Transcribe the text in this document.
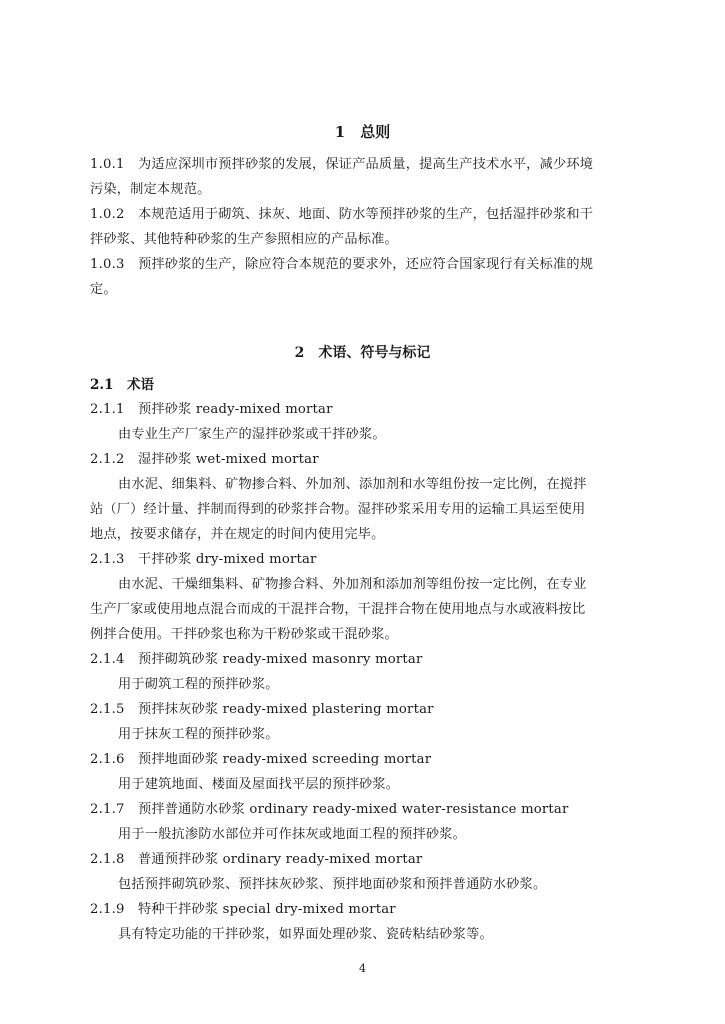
1　总则
1.0.1　为适应深圳市预拌砂浆的发展，保证产品质量，提高生产技术水平，减少环境
污染，制定本规范。
1.0.2　本规范适用于砌筑、抹灰、地面、防水等预拌砂浆的生产，包括湿拌砂浆和干
拌砂浆、其他特种砂浆的生产参照相应的产品标准。
1.0.3　预拌砂浆的生产，除应符合本规范的要求外，还应符合国家现行有关标准的规
定。
2　术语、符号与标记
2.1　术语
2.1.1　预拌砂浆 ready-mixed mortar
由专业生产厂家生产的湿拌砂浆或干拌砂浆。
2.1.2　湿拌砂浆 wet-mixed mortar
由水泥、细集料、矿物掺合料、外加剂、添加剂和水等组份按一定比例，在搅拌
站（厂）经计量、拌制而得到的砂浆拌合物。湿拌砂浆采用专用的运输工具运至使用
地点，按要求储存，并在规定的时间内使用完毕。
2.1.3　干拌砂浆 dry-mixed mortar
由水泥、干燥细集料、矿物掺合料、外加剂和添加剂等组份按一定比例，在专业
生产厂家或使用地点混合而成的干混拌合物，干混拌合物在使用地点与水或液料按比
例拌合使用。干拌砂浆也称为干粉砂浆或干混砂浆。
2.1.4　预拌砌筑砂浆 ready-mixed masonry mortar
用于砌筑工程的预拌砂浆。
2.1.5　预拌抹灰砂浆 ready-mixed plastering mortar
用于抹灰工程的预拌砂浆。
2.1.6　预拌地面砂浆 ready-mixed screeding mortar
用于建筑地面、楼面及屋面找平层的预拌砂浆。
2.1.7　预拌普通防水砂浆 ordinary ready-mixed water-resistance mortar
用于一般抗渗防水部位并可作抹灰或地面工程的预拌砂浆。
2.1.8　普通预拌砂浆 ordinary ready-mixed mortar
包括预拌砌筑砂浆、预拌抹灰砂浆、预拌地面砂浆和预拌普通防水砂浆。
2.1.9　特种干拌砂浆 special dry-mixed mortar
具有特定功能的干拌砂浆，如界面处理砂浆、瓷砖粘结砂浆等。
4
